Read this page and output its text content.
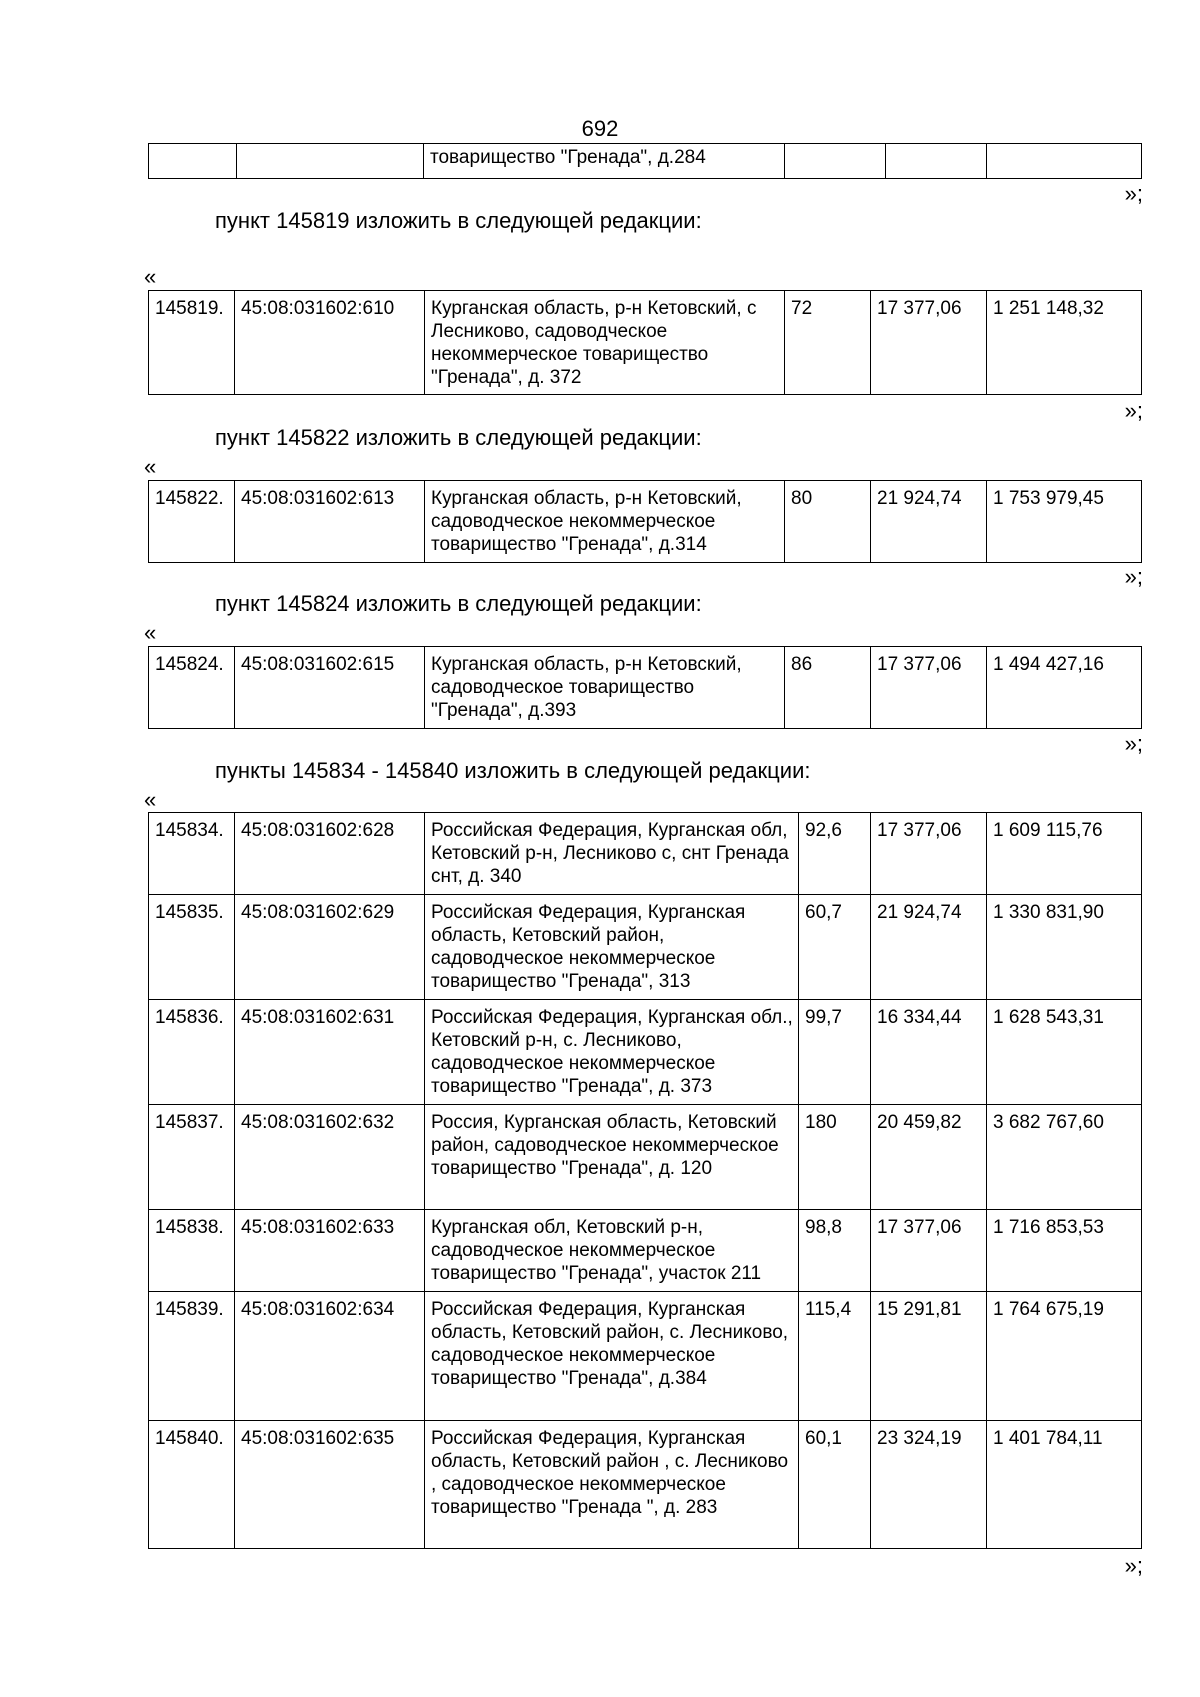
692
		товарищество "Гренада", д.284			
»;
пункт 145819 изложить в следующей редакции:
«
145819.	45:08:031602:610	Курганская область, р-н Кетовский, с Лесниково, садоводческое некоммерческое товарищество "Гренада", д. 372	72	17 377,06	1 251 148,32
»;
пункт 145822 изложить в следующей редакции:
«
145822.	45:08:031602:613	Курганская область, р-н Кетовский, садоводческое некоммерческое товарищество "Гренада", д.314	80	21 924,74	1 753 979,45
»;
пункт 145824 изложить в следующей редакции:
«
145824.	45:08:031602:615	Курганская область, р-н Кетовский, садоводческое товарищество "Гренада", д.393	86	17 377,06	1 494 427,16
»;
пункты 145834 - 145840 изложить в следующей редакции:
«
145834.	45:08:031602:628	Российская Федерация, Курганская обл, Кетовский р-н, Лесниково с, снт Гренада снт, д. 340	92,6	17 377,06	1 609 115,76
145835.	45:08:031602:629	Российская Федерация, Курганская область, Кетовский район, садоводческое некоммерческое товарищество "Гренада", 313	60,7	21 924,74	1 330 831,90
145836.	45:08:031602:631	Российская Федерация, Курганская обл., Кетовский р-н, с. Лесниково, садоводческое некоммерческое товарищество "Гренада", д. 373	99,7	16 334,44	1 628 543,31
145837.	45:08:031602:632	Россия, Курганская область, Кетовский район, садоводческое некоммерческое товарищество "Гренада", д. 120	180	20 459,82	3 682 767,60
145838.	45:08:031602:633	Курганская обл, Кетовский р-н, садоводческое некоммерческое товарищество "Гренада", участок 211	98,8	17 377,06	1 716 853,53
145839.	45:08:031602:634	Российская Федерация, Курганская область, Кетовский район, с. Лесниково, садоводческое некоммерческое товарищество "Гренада", д.384	115,4	15 291,81	1 764 675,19
145840.	45:08:031602:635	Российская Федерация, Курганская область, Кетовский район , с. Лесниково , садоводческое некоммерческое товарищество "Гренада ", д. 283	60,1	23 324,19	1 401 784,11
»;
